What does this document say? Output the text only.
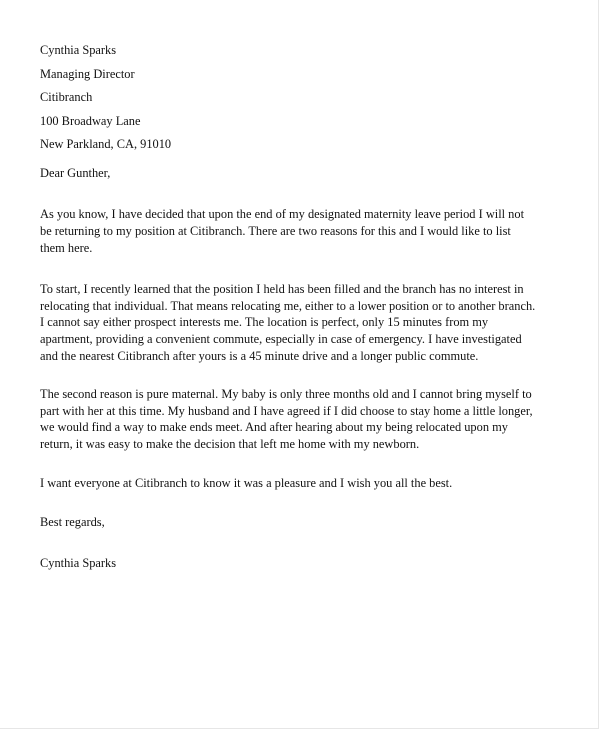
Cynthia Sparks
Managing Director
Citibranch
100 Broadway Lane
New Parkland, CA, 91010
Dear Gunther,
As you know, I have decided that upon the end of my designated maternity leave period I will not
be returning to my position at Citibranch. There are two reasons for this and I would like to list
them here.
To start, I recently learned that the position I held has been filled and the branch has no interest in
relocating that individual. That means relocating me, either to a lower position or to another branch.
I cannot say either prospect interests me. The location is perfect, only 15 minutes from my
apartment, providing a convenient commute, especially in case of emergency. I have investigated
and the nearest Citibranch after yours is a 45 minute drive and a longer public commute.
The second reason is pure maternal. My baby is only three months old and I cannot bring myself to
part with her at this time. My husband and I have agreed if I did choose to stay home a little longer,
we would find a way to make ends meet. And after hearing about my being relocated upon my
return, it was easy to make the decision that left me home with my newborn.
I want everyone at Citibranch to know it was a pleasure and I wish you all the best.
Best regards,
Cynthia Sparks
